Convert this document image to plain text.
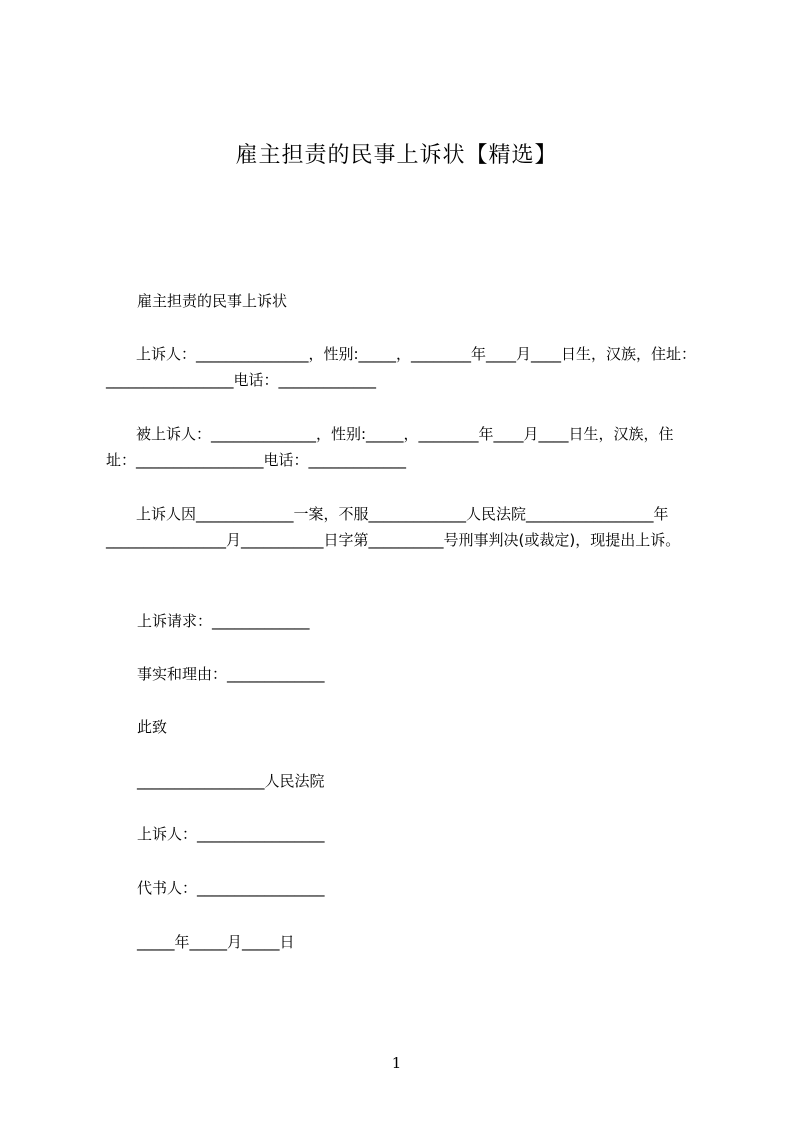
雇主担责的民事上诉状【精选】
雇主担责的民事上诉状
　　上诉人：_______________，性别:_____，________年____月____日生，汉族，住址：_________________电话：_____________
　　被上诉人：______________，性别:_____，________年____月____日生，汉族，住址：_________________电话：_____________
　　上诉人因_____________一案，不服_____________人民法院_________________年________________月___________日字第__________号刑事判决(或裁定)，现提出上诉。
上诉请求：_____________
事实和理由：_____________
此致
_________________人民法院
上诉人：_________________
代书人：_________________
_____年_____月_____日
1
